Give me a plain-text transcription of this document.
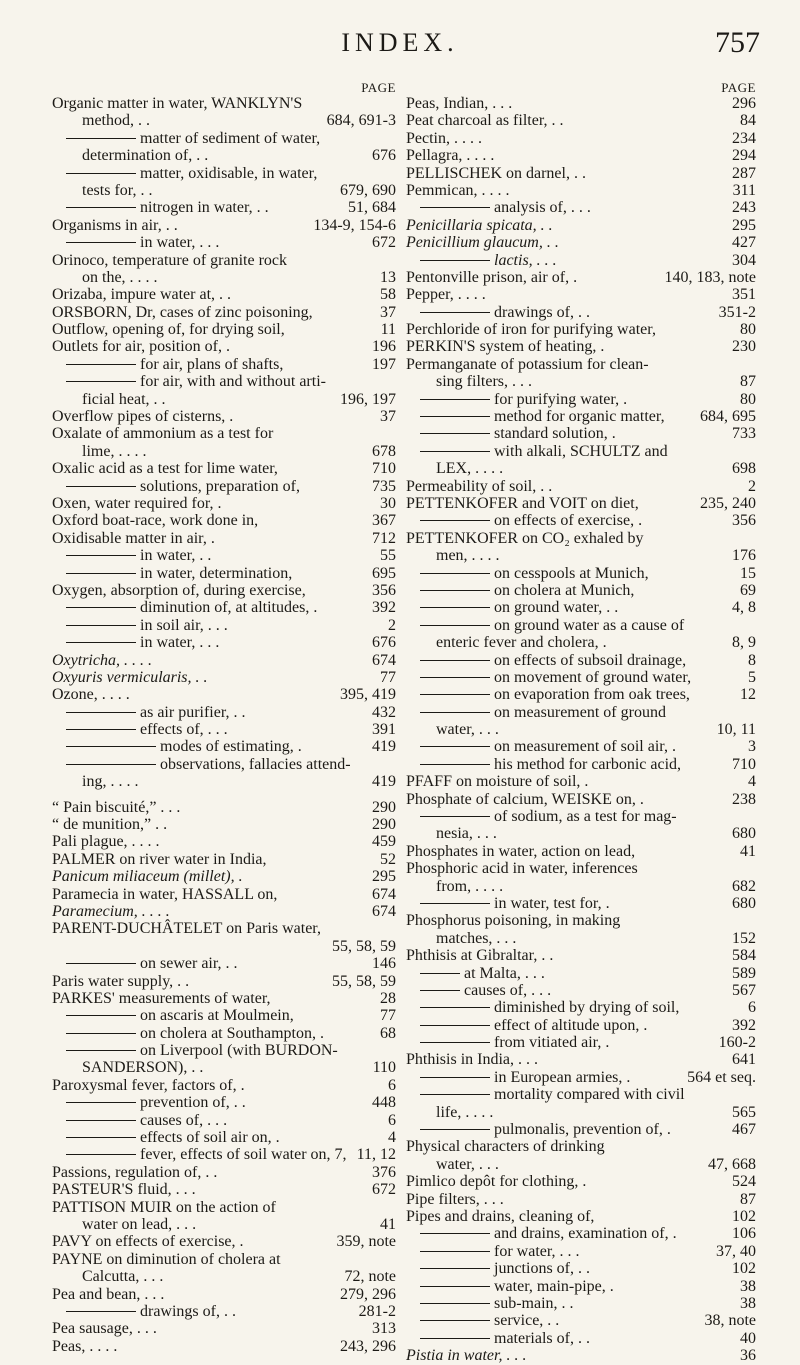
INDEX.	757
PAGE
Organic matter in water, WANKLYN'S
method, . .	684, 691-3
matter of sediment of water,
determination of, . .	676
matter, oxidisable, in water,
tests for, . .	679, 690
nitrogen in water, . .	51, 684
Organisms in air, . .	134-9, 154-6
in water, . . .	672
Orinoco, temperature of granite rock
on the, . . . .	13
Orizaba, impure water at, . .	58
ORSBORN, Dr, cases of zinc poisoning,	37
Outflow, opening of, for drying soil,	11
Outlets for air, position of, .	196
for air, plans of shafts,	197
for air, with and without arti-
ficial heat, . .	196, 197
Overflow pipes of cisterns, .	37
Oxalate of ammonium as a test for
lime, . . . .	678
Oxalic acid as a test for lime water,	710
solutions, preparation of,	735
Oxen, water required for, .	30
Oxford boat-race, work done in,	367
Oxidisable matter in air, .	712
in water, . .	55
in water, determination,	695
Oxygen, absorption of, during exercise,	356
diminution of, at altitudes, .	392
in soil air, . . .	2
in water, . . .	676
Oxytricha, . . . .	674
Oxyuris vermicularis, . .	77
Ozone, . . . .	395, 419
as air purifier, . .	432
effects of, . . .	391
modes of estimating, .	419
observations, fallacies attend-
ing, . . . .	419
“ Pain biscuité,” . . .	290
“ de munition,” . .	290
Pali plague, . . . .	459
PALMER on river water in India,	52
Panicum miliaceum (millet), .	295
Paramecia in water, HASSALL on,	674
Paramecium, . . . .	674
PARENT-DUCHÂTELET on Paris water,
55, 58, 59
on sewer air, . .	146
Paris water supply, . .	55, 58, 59
PARKES' measurements of water,	28
on ascaris at Moulmein,	77
on cholera at Southampton, .	68
on Liverpool (with BURDON-
SANDERSON), . .	110
Paroxysmal fever, factors of, .	6
prevention of, . .	448
causes of, . . .	6
effects of soil air on, .	4
fever, effects of soil water on, 7, 11, 12
Passions, regulation of, . .	376
PASTEUR'S fluid, . . .	672
PATTISON MUIR on the action of
water on lead, . . .	41
PAVY on effects of exercise, .	359, note
PAYNE on diminution of cholera at
Calcutta, . . .	72, note
Pea and bean, . . .	279, 296
drawings of, . .	281-2
Pea sausage, . . .	313
Peas, . . . .	243, 296
PAGE
Peas, Indian, . . .	296
Peat charcoal as filter, . .	84
Pectin, . . . .	234
Pellagra, . . . .	294
PELLISCHEK on darnel, . .	287
Pemmican, . . . .	311
analysis of, . . .	243
Penicillaria spicata, . .	295
Penicillium glaucum, . .	427
lactis, . . .	304
Pentonville prison, air of, .	140, 183, note
Pepper, . . . .	351
drawings of, . .	351-2
Perchloride of iron for purifying water,	80
PERKIN'S system of heating, .	230
Permanganate of potassium for clean-
sing filters, . . .	87
for purifying water, .	80
method for organic matter, 684, 695
standard solution, .	733
with alkali, SCHULTZ and
LEX, . . . .	698
Permeability of soil, . .	2
PETTENKOFER and VOIT on diet,	235, 240
on effects of exercise, .	356
PETTENKOFER on CO₂ exhaled by
men, . . . .	176
on cesspools at Munich,	15
on cholera at Munich,	69
on ground water, . .	4, 8
on ground water as a cause of
enteric fever and cholera, .	8, 9
on effects of subsoil drainage,	8
on movement of ground water,	5
on evaporation from oak trees,	12
on measurement of ground
water, . . .	10, 11
on measurement of soil air, .	3
his method for carbonic acid,	710
PFAFF on moisture of soil, .	4
Phosphate of calcium, WEISKE on, .	238
of sodium, as a test for mag-
nesia, . . .	680
Phosphates in water, action on lead,	41
Phosphoric acid in water, inferences
from, . . . .	682
in water, test for, .	680
Phosphorus poisoning, in making
matches, . . .	152
Phthisis at Gibraltar, . .	584
at Malta, . . .	589
causes of, . . .	567
diminished by drying of soil,	6
effect of altitude upon, .	392
from vitiated air, .	160-2
Phthisis in India, . . .	641
in European armies, .	564 et seq.
mortality compared with civil
life, . . . .	565
pulmonalis, prevention of, .	467
Physical characters of drinking
water, . . .	47, 668
Pimlico depôt for clothing, .	524
Pipe filters, . . .	87
Pipes and drains, cleaning of,	102
and drains, examination of, .	106
for water, . . .	37, 40
junctions of, . .	102
water, main-pipe, .	38
sub-main, . .	38
service, . .	38, note
materials of, . .	40
Pistia in water, . . .	36
